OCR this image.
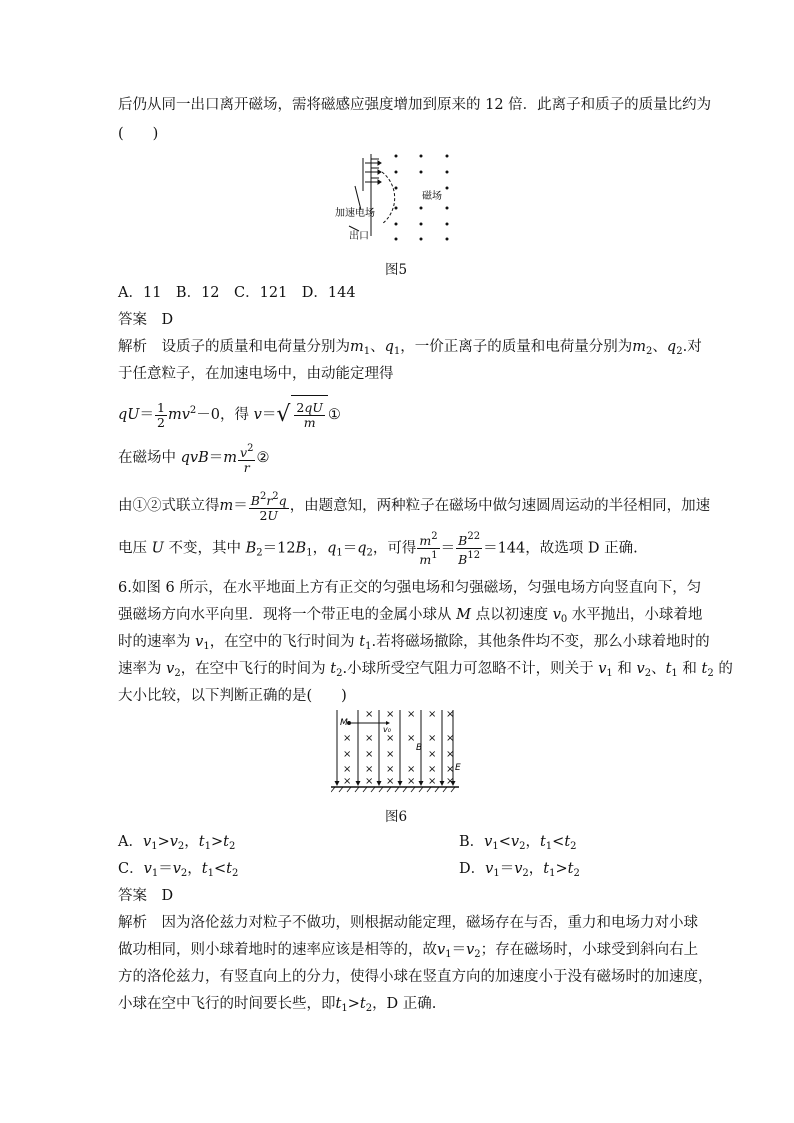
后仍从同一出口离开磁场，需将磁感应强度增加到原来的 12 倍．此离子和质子的质量比约为
(　　)
磁场
加速电场
出口
图5
A．11　B．12　C．121　D．144
答案　 D
解析　 设质子的质量和电荷量分别为$m_1$、$q_1$，一价正离子的质量和电荷量分别为$m_2$、$q_2$.对
于任意粒子，在加速电场中，由动能定理得
$qU= \frac{1}{2} mv^2-0$，得 $v=√ \frac{2qU}{m}$ ①
在磁场中 $qvB=m \frac{v^2}{r}$ ②
由①②式联立得$m= \frac{B^2r^2q}{2U}$ ，由题意知，两种粒子在磁场中做匀速圆周运动的半径相同，加速
电压 U 不变，其中 $B_2=12B_1$，$q_1=q_2$，可得 $\frac{m^2}{m^1} = \frac{B^{22}}{B^{12}} =144$，故选项 D 正确.
6.如图 6 所示，在水平地面上方有正交的匀强电场和匀强磁场，匀强电场方向竖直向下，匀
强磁场方向水平向里．现将一个带正电的金属小球从 M 点以初速度 $v_0$ 水平抛出，小球着地
时的速率为 $v_1$，在空中的飞行时间为 $t_1$.若将磁场撤除，其他条件均不变，那么小球着地时的
速率为 $v_2$，在空中飞行的时间为 $t_2$.小球所受空气阻力可忽略不计，则关于 $v_1$ 和 $v_2$、$t_1$ 和 $t_2$ 的
大小比较，以下判断正确的是(　　)
M
v₀
B
E
× × × × ×
× × × × × ×
× × ×	× ×
× × × × × ×
× × × × × ×
图6
A．$v_1>v_2$，$t_1>t_2$	B．$v_1<v_2$，$t_1<t_2$
C．$v_1=v_2$，$t_1<t_2$	D．$v_1=v_2$，$t_1>t_2$
答案　 D
解析　 因为洛伦兹力对粒子不做功，则根据动能定理，磁场存在与否，重力和电场力对小球
做功相同，则小球着地时的速率应该是相等的，故$v_1=v_2$；存在磁场时，小球受到斜向右上
方的洛伦兹力，有竖直向上的分力，使得小球在竖直方向的加速度小于没有磁场时的加速度，
小球在空中飞行的时间要长些，即$t_1>t_2$，D 正确.
